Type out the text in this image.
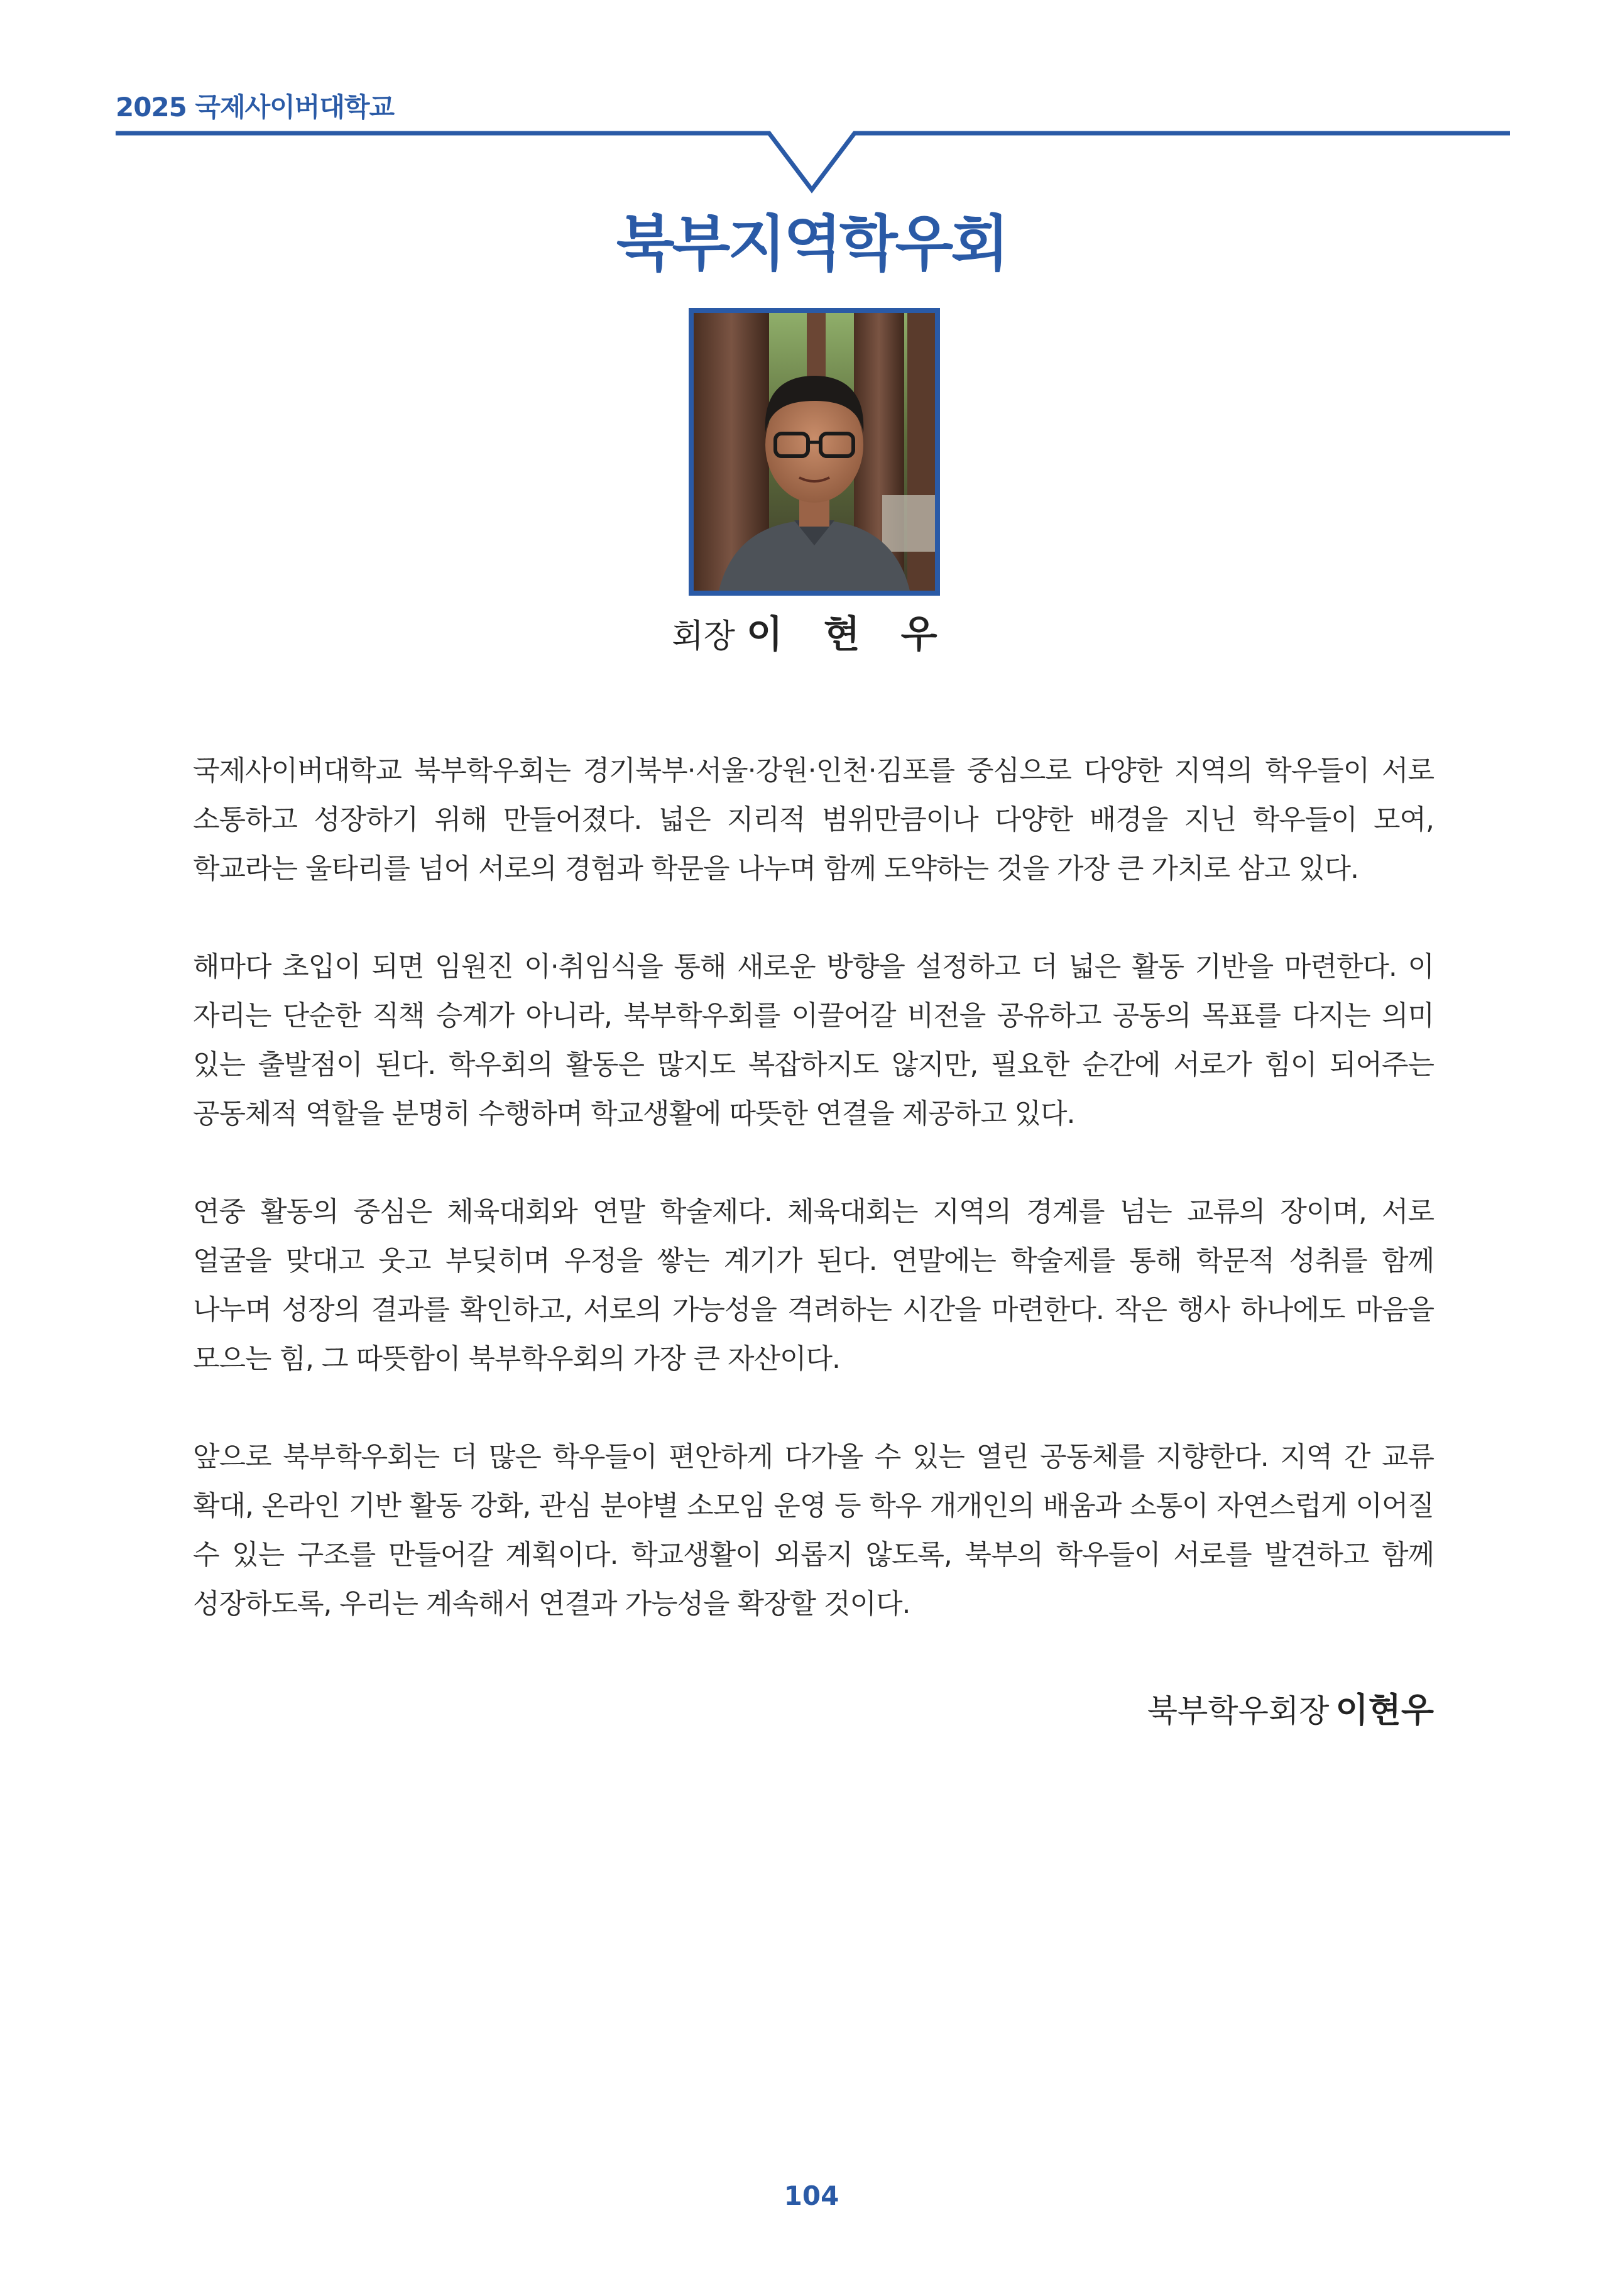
2025 국제사이버대학교
북부지역학우회
회장 이 현 우

국제사이버대학교 북부학우회는 경기북부·서울·강원·인천·김포를 중심으로 다양한 지역의 학우들이 서로 소통하고 성장하기 위해 만들어졌다. 넓은 지리적 범위만큼이나 다양한 배경을 지닌 학우들이 모여, 학교라는 울타리를 넘어 서로의 경험과 학문을 나누며 함께 도약하는 것을 가장 큰 가치로 삼고 있다.

해마다 초입이 되면 임원진 이·취임식을 통해 새로운 방향을 설정하고 더 넓은 활동 기반을 마련한다. 이 자리는 단순한 직책 승계가 아니라, 북부학우회를 이끌어갈 비전을 공유하고 공동의 목표를 다지는 의미 있는 출발점이 된다. 학우회의 활동은 많지도 복잡하지도 않지만, 필요한 순간에 서로가 힘이 되어주는 공동체적 역할을 분명히 수행하며 학교생활에 따뜻한 연결을 제공하고 있다.

연중 활동의 중심은 체육대회와 연말 학술제다. 체육대회는 지역의 경계를 넘는 교류의 장이며, 서로 얼굴을 맞대고 웃고 부딪히며 우정을 쌓는 계기가 된다. 연말에는 학술제를 통해 학문적 성취를 함께 나누며 성장의 결과를 확인하고, 서로의 가능성을 격려하는 시간을 마련한다. 작은 행사 하나에도 마음을 모으는 힘, 그 따뜻함이 북부학우회의 가장 큰 자산이다.

앞으로 북부학우회는 더 많은 학우들이 편안하게 다가올 수 있는 열린 공동체를 지향한다. 지역 간 교류 확대, 온라인 기반 활동 강화, 관심 분야별 소모임 운영 등 학우 개개인의 배움과 소통이 자연스럽게 이어질 수 있는 구조를 만들어갈 계획이다. 학교생활이 외롭지 않도록, 북부의 학우들이 서로를 발견하고 함께 성장하도록, 우리는 계속해서 연결과 가능성을 확장할 것이다.

북부학우회장 이현우
104
